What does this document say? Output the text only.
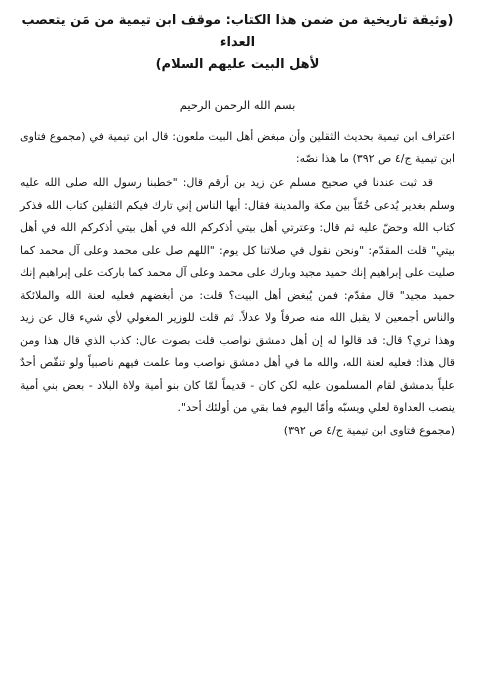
(وثيقة تاريخية من ضمن هذا الكتاب: موقف ابن تيمية من مَن يتعصب العداء

لأهل البيت عليهم السلام)

بسم الله الرحمن الرحيم

اعتراف ابن تيمية بحديث الثقلين وأن مبغض أهل البيت ملعون: قال ابن تيمية في (مجموع فتاوى ابن تيمية ج/٤ ص ٣٩٢) ما هذا نصّه:

قد ثبت عندنا في صحيح مسلم عن زيد بن أرقم قال: "خطبنا رسول الله صلى الله عليه وسلم بغدير يُدعى خُمّاً بين مكة والمدينة فقال: أيها الناس إني تارك فيكم الثقلين كتاب الله فذكر كتاب الله وحضّ عليه ثم قال: وعترتي أهل بيتي أذكركم الله في أهل بيتي أذكركم الله في أهل بيتي" قلت المقدّم: "ونحن نقول في صلاتنا كل يوم: "اللهم صل على محمد وعلى آل محمد كما صليت على إبراهيم إنك حميد مجيد وبارك على محمد وعلى آل محمد كما باركت على إبراهيم إنك حميد مجيد" قال مقدّم: فمن يُبغض أهل البيت؟ قلت: من أبغضهم فعليه لعنة الله والملائكة والناس أجمعين لا يقبل الله منه صرفاً ولا عدلاً. ثم قلت للوزير المغولي لأي شيء قال عن زيد وهذا تري؟ قال: قد قالوا له إن أهل دمشق نواصب قلت بصوت عال: كذب الذي قال هذا ومن قال هذا: فعليه لعنة الله، والله ما في أهل دمشق نواصب وما علمت فيهم ناصبياً ولو تنقّص أحدٌ علياً بدمشق لقام المسلمون عليه لكن كان - قديماً لمّا كان بنو أمية ولاة البلاد - بعض بني أمية ينصب العداوة لعلي ويسبّه وأمّا اليوم فما بقي من أولئك أحد".

(مجموع فتاوى ابن تيمية ج/٤ ص ٣٩٢)
